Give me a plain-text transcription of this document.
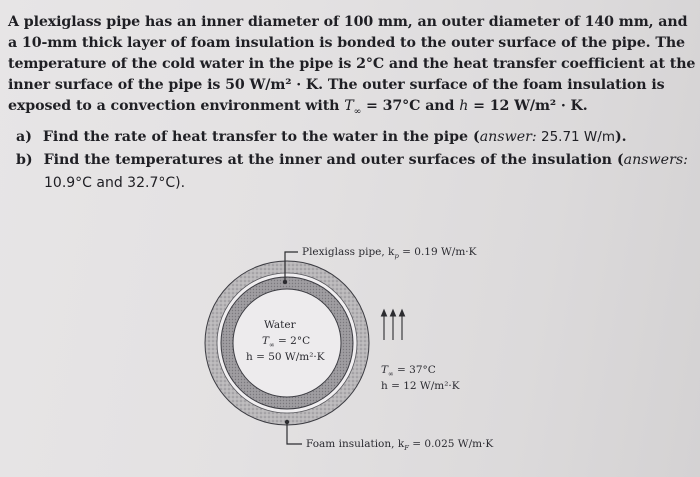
A plexiglass pipe has an inner diameter of 100 mm, an outer diameter of 140 mm, and
a 10-mm thick layer of foam insulation is bonded to the outer surface of the pipe. The
temperature of the cold water in the pipe is 2°C and the heat transfer coefficient at the
inner surface of the pipe is 50 W/m² · K. The outer surface of the foam insulation is
exposed to a convection environment with $T_\infty = 37^\circ C$ and h = 12 W/m² · K.
a) Find the rate of heat transfer to the water in the pipe (answer: 25.71 W/m).
b) Find the temperatures at the inner and outer surfaces of the insulation (answers:
10.9°C and 32.7°C).
Plexiglass pipe, $k_p = 0.19$ W/m·K
Water
$T_\infty = 2^\circ C$
h = 50 W/m²·K
$T_\infty = 37^\circ C$
h = 12 W/m²·K
Foam insulation, $k_F = 0.025$ W/m·K
